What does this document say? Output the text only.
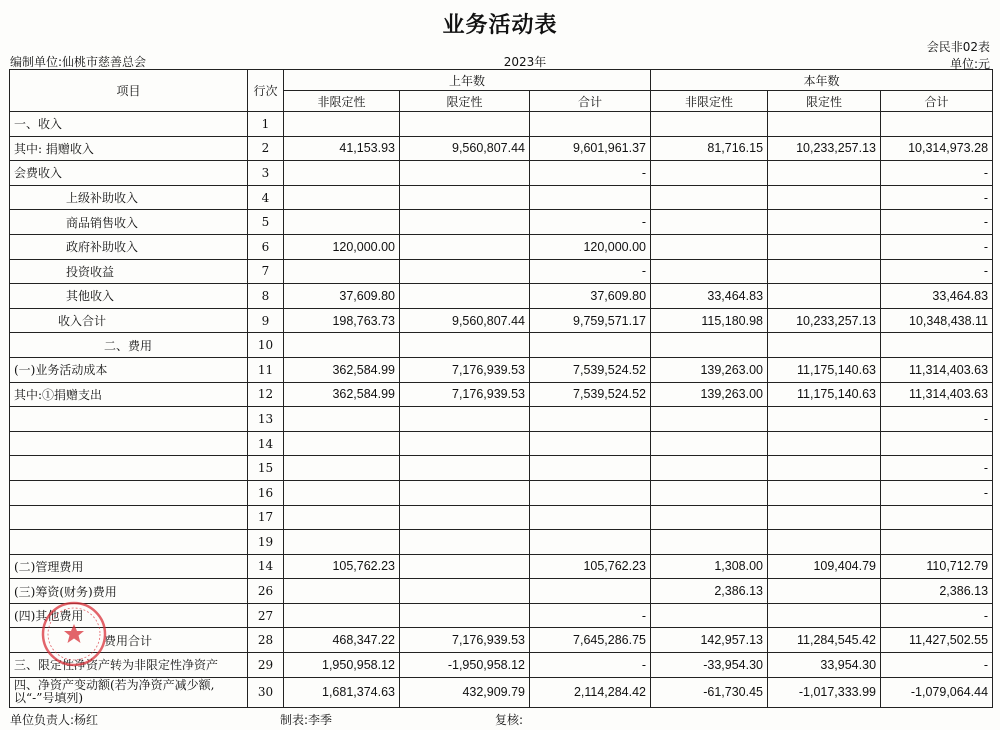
业务活动表
会民非02表
编制单位:仙桃市慈善总会	2023年	单位:元
项目	行次	上年数			本年数		
		非限定性	限定性	合计	非限定性	限定性	合计
一、收入	1						
其中: 捐赠收入	2	41,153.93	9,560,807.44	9,601,961.37	81,716.15	10,233,257.13	10,314,973.28
会费收入	3			-			-
上级补助收入	4						-
商品销售收入	5			-			-
政府补助收入	6	120,000.00		120,000.00			-
投资收益	7			-			-
其他收入	8	37,609.80		37,609.80	33,464.83		33,464.83
收入合计	9	198,763.73	9,560,807.44	9,759,571.17	115,180.98	10,233,257.13	10,348,438.11
二、费用	10						
(一)业务活动成本	11	362,584.99	7,176,939.53	7,539,524.52	139,263.00	11,175,140.63	11,314,403.63
其中:①捐赠支出	12	362,584.99	7,176,939.53	7,539,524.52	139,263.00	11,175,140.63	11,314,403.63
	13						-
	14						
	15						-
	16						-
	17						
	19						
(二)管理费用	14	105,762.23		105,762.23	1,308.00	109,404.79	110,712.79
(三)筹资(财务)费用	26				2,386.13		2,386.13
(四)其他费用	27			-			-
费用合计	28	468,347.22	7,176,939.53	7,645,286.75	142,957.13	11,284,545.42	11,427,502.55
三、限定性净资产转为非限定性净资产	29	1,950,958.12	-1,950,958.12	-	-33,954.30	33,954.30	-
四、净资产变动额(若为净资产减少额,以“-”号填列)	30	1,681,374.63	432,909.79	2,114,284.42	-61,730.45	-1,017,333.99	-1,079,064.44
单位负责人:杨红	制表:李季	复核:
